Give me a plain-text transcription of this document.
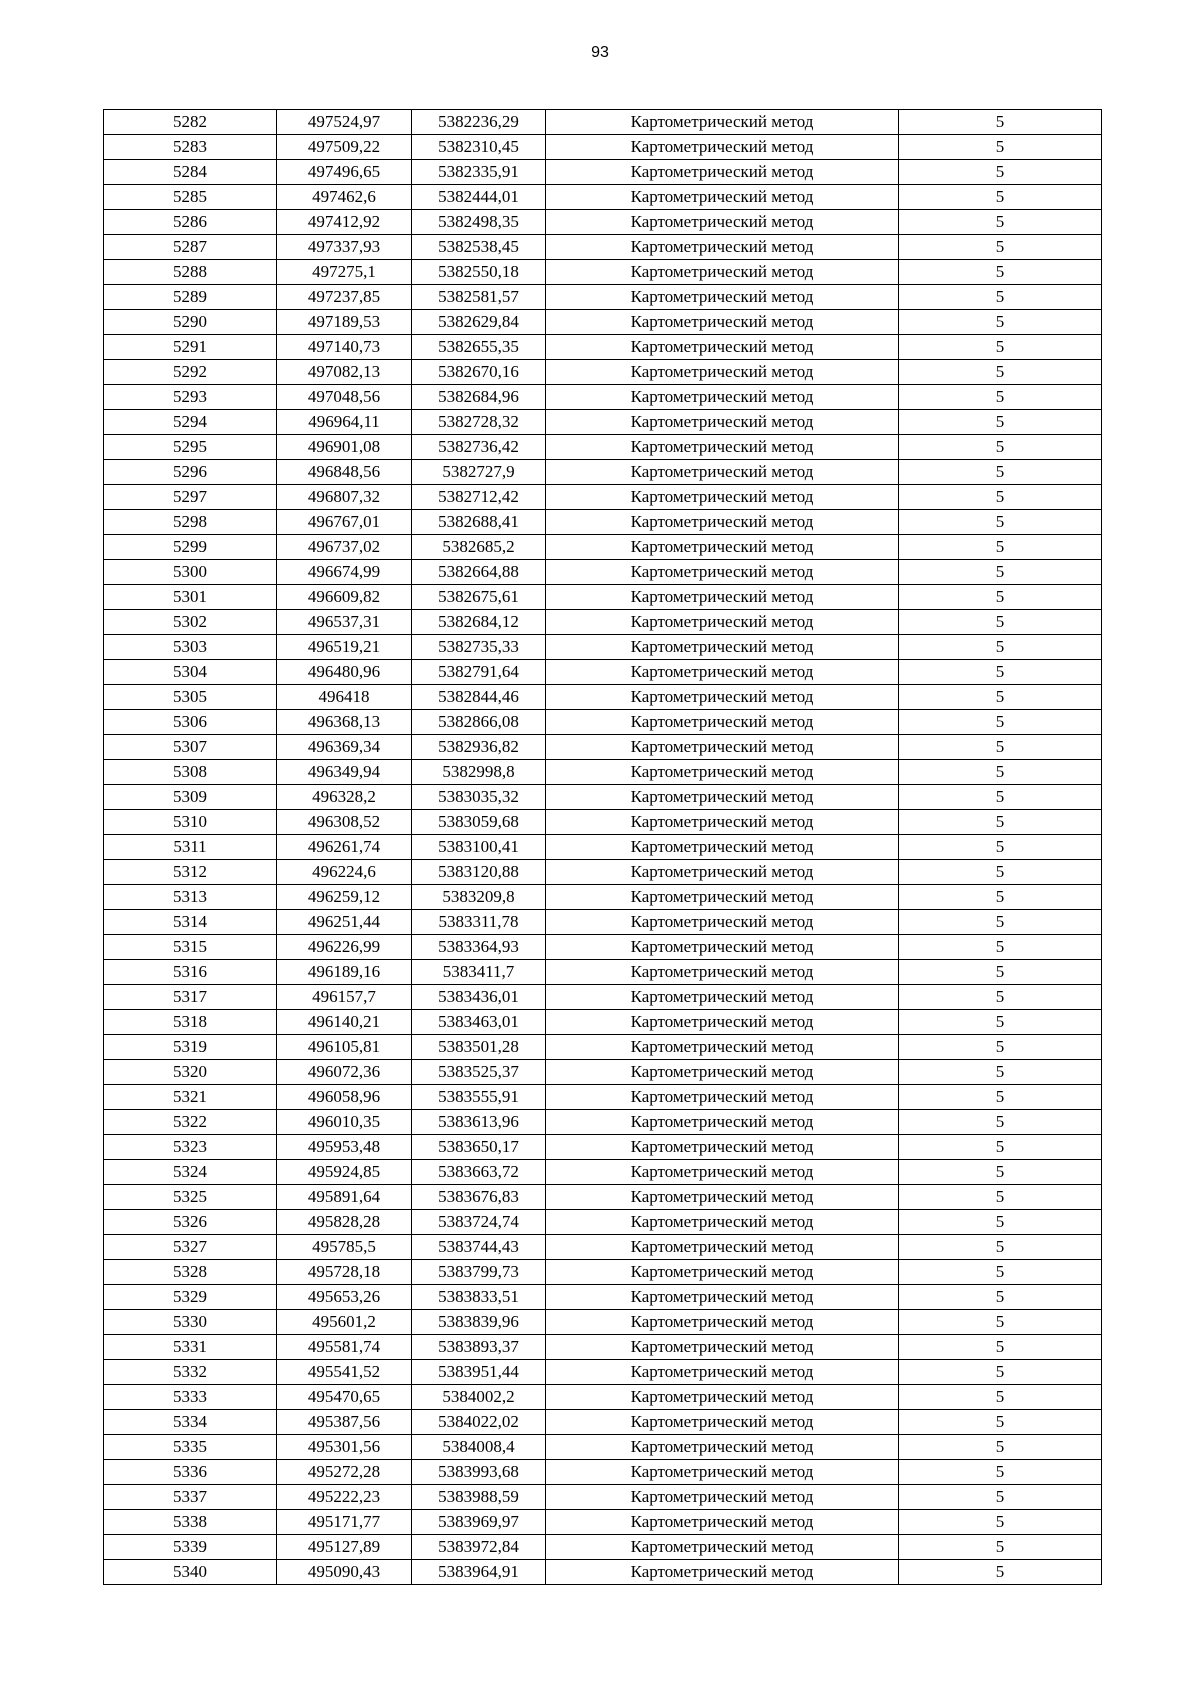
93
5282	497524,97	5382236,29	Картометрический метод	5
5283	497509,22	5382310,45	Картометрический метод	5
5284	497496,65	5382335,91	Картометрический метод	5
5285	497462,6	5382444,01	Картометрический метод	5
5286	497412,92	5382498,35	Картометрический метод	5
5287	497337,93	5382538,45	Картометрический метод	5
5288	497275,1	5382550,18	Картометрический метод	5
5289	497237,85	5382581,57	Картометрический метод	5
5290	497189,53	5382629,84	Картометрический метод	5
5291	497140,73	5382655,35	Картометрический метод	5
5292	497082,13	5382670,16	Картометрический метод	5
5293	497048,56	5382684,96	Картометрический метод	5
5294	496964,11	5382728,32	Картометрический метод	5
5295	496901,08	5382736,42	Картометрический метод	5
5296	496848,56	5382727,9	Картометрический метод	5
5297	496807,32	5382712,42	Картометрический метод	5
5298	496767,01	5382688,41	Картометрический метод	5
5299	496737,02	5382685,2	Картометрический метод	5
5300	496674,99	5382664,88	Картометрический метод	5
5301	496609,82	5382675,61	Картометрический метод	5
5302	496537,31	5382684,12	Картометрический метод	5
5303	496519,21	5382735,33	Картометрический метод	5
5304	496480,96	5382791,64	Картометрический метод	5
5305	496418	5382844,46	Картометрический метод	5
5306	496368,13	5382866,08	Картометрический метод	5
5307	496369,34	5382936,82	Картометрический метод	5
5308	496349,94	5382998,8	Картометрический метод	5
5309	496328,2	5383035,32	Картометрический метод	5
5310	496308,52	5383059,68	Картометрический метод	5
5311	496261,74	5383100,41	Картометрический метод	5
5312	496224,6	5383120,88	Картометрический метод	5
5313	496259,12	5383209,8	Картометрический метод	5
5314	496251,44	5383311,78	Картометрический метод	5
5315	496226,99	5383364,93	Картометрический метод	5
5316	496189,16	5383411,7	Картометрический метод	5
5317	496157,7	5383436,01	Картометрический метод	5
5318	496140,21	5383463,01	Картометрический метод	5
5319	496105,81	5383501,28	Картометрический метод	5
5320	496072,36	5383525,37	Картометрический метод	5
5321	496058,96	5383555,91	Картометрический метод	5
5322	496010,35	5383613,96	Картометрический метод	5
5323	495953,48	5383650,17	Картометрический метод	5
5324	495924,85	5383663,72	Картометрический метод	5
5325	495891,64	5383676,83	Картометрический метод	5
5326	495828,28	5383724,74	Картометрический метод	5
5327	495785,5	5383744,43	Картометрический метод	5
5328	495728,18	5383799,73	Картометрический метод	5
5329	495653,26	5383833,51	Картометрический метод	5
5330	495601,2	5383839,96	Картометрический метод	5
5331	495581,74	5383893,37	Картометрический метод	5
5332	495541,52	5383951,44	Картометрический метод	5
5333	495470,65	5384002,2	Картометрический метод	5
5334	495387,56	5384022,02	Картометрический метод	5
5335	495301,56	5384008,4	Картометрический метод	5
5336	495272,28	5383993,68	Картометрический метод	5
5337	495222,23	5383988,59	Картометрический метод	5
5338	495171,77	5383969,97	Картометрический метод	5
5339	495127,89	5383972,84	Картометрический метод	5
5340	495090,43	5383964,91	Картометрический метод	5
